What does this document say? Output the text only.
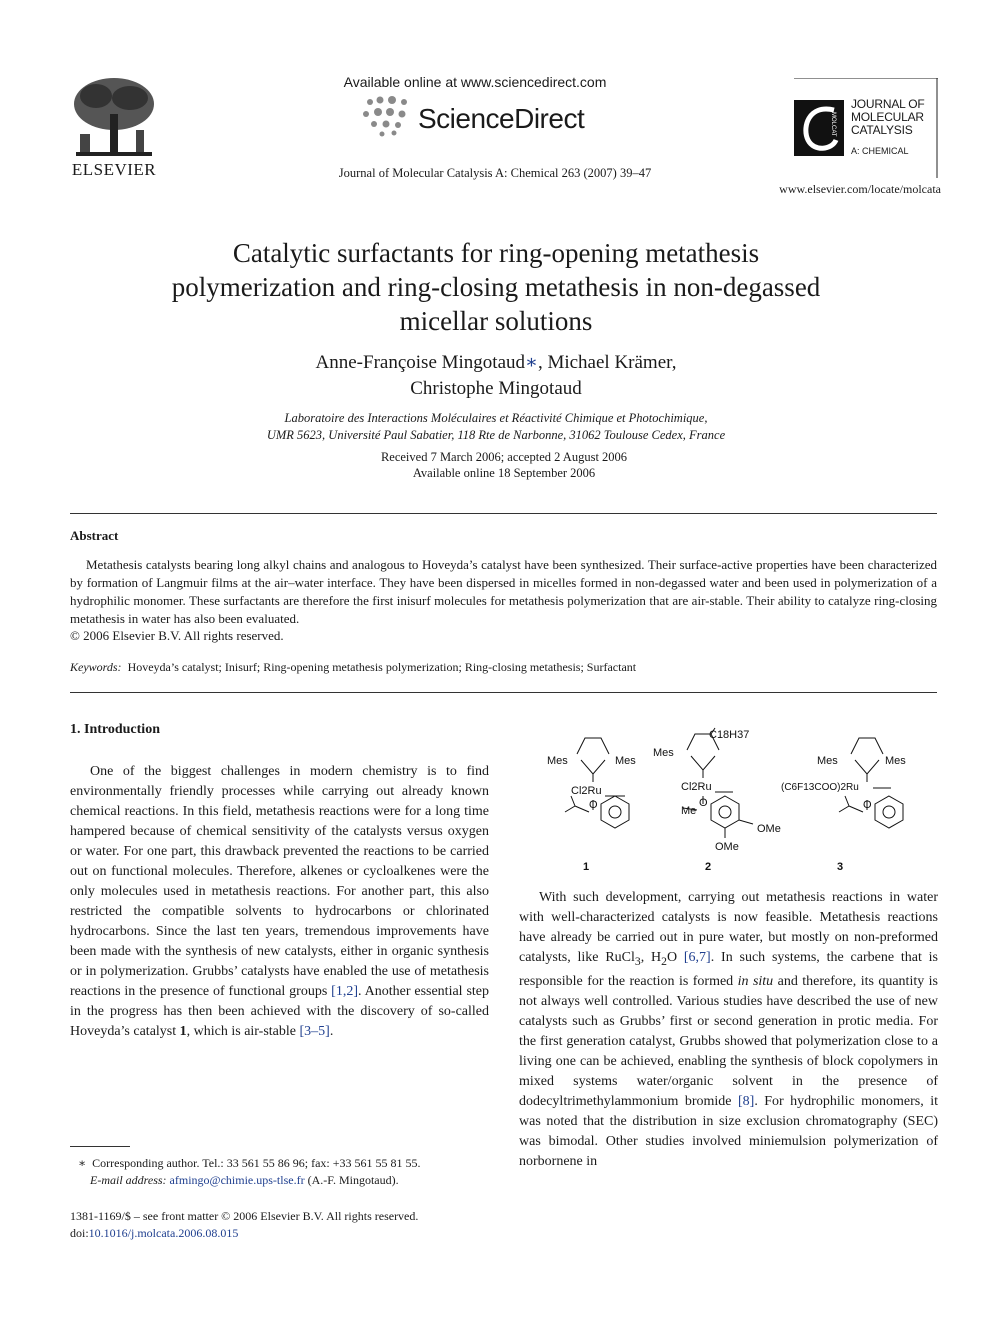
ELSEVIER
Available online at www.sciencedirect.com
ScienceDirect
Journal of Molecular Catalysis A: Chemical 263 (2007) 39–47
MOLCAT
JOURNAL OF
MOLECULAR
CATALYSIS
A: CHEMICAL
www.elsevier.com/locate/molcata
Catalytic surfactants for ring-opening metathesis polymerization and ring-closing metathesis in non-degassed micellar solutions
Anne-Françoise Mingotaud∗, Michael Krämer,
Christophe Mingotaud
Laboratoire des Interactions Moléculaires et Réactivité Chimique et Photochimique,
UMR 5623, Université Paul Sabatier, 118 Rte de Narbonne, 31062 Toulouse Cedex, France
Received 7 March 2006; accepted 2 August 2006
Available online 18 September 2006
Abstract
Metathesis catalysts bearing long alkyl chains and analogous to Hoveyda’s catalyst have been synthesized. Their surface-active properties have been characterized by formation of Langmuir films at the air–water interface. They have been dispersed in micelles formed in non-degassed water and been used in polymerization of a hydrophilic monomer. These surfactants are therefore the first inisurf molecules for metathesis polymerization that are air-stable. Their ability to catalyze ring-closing metathesis in water has also been evaluated.
© 2006 Elsevier B.V. All rights reserved.
Keywords: Hoveyda’s catalyst; Inisurf; Ring-opening metathesis polymerization; Ring-closing metathesis; Surfactant
1. Introduction
One of the biggest challenges in modern chemistry is to find environmentally friendly processes while carrying out already known chemical reactions. In this field, metathesis reactions were for a long time hampered because of chemical sensitivity of the catalysts versus oxygen or water. For one part, this drawback prevented the reactions to be carried out on functional molecules. Therefore, alkenes or cycloalkenes were the only molecules used in metathesis reactions. For another part, this also restricted the compatible solvents to hydrocarbons or chlorinated hydrocarbons. Since the last ten years, tremendous improvements have been made with the synthesis of new catalysts, either in organic synthesis or in polymerization. Grubbs’ catalysts have enabled the use of metathesis reactions in the presence of functional groups [1,2]. Another essential step in the progress has then been achieved with the discovery of so-called Hoveyda’s catalyst 1, which is air-stable [3–5].
Mes	Mes
Cl2Ru
O
1
C18H37
Mes
Cl2Ru
O
Me
OMe
OMe
2
Mes	Mes
(C6F13COO)2Ru
O
3
With such development, carrying out metathesis reactions in water with well-characterized catalysts is now feasible. Metathesis reactions have already be carried out in pure water, but mostly on non-preformed catalysts, like RuCl$_3$, $H_2O$ [6,7]. In such systems, the carbene that is responsible for the reaction is formed in situ and therefore, its quantity is not always well controlled. Various studies have described the use of new catalysts such as Grubbs’ first or second generation in protic media. For the first generation catalyst, Grubbs showed that polymerization close to a living one can be achieved, enabling the synthesis of block copolymers in mixed systems water/organic solvent in the presence of dodecyltrimethylammonium bromide [8]. For hydrophilic monomers, it was noted that the distribution in size exclusion chromatography (SEC) was bimodal. Other studies involved miniemulsion polymerization of norbornene in
∗ Corresponding author. Tel.: 33 561 55 86 96; fax: +33 561 55 81 55.
E-mail address: afmingo@chimie.ups-tlse.fr (A.-F. Mingotaud).
1381-1169/$ – see front matter © 2006 Elsevier B.V. All rights reserved.
doi:10.1016/j.molcata.2006.08.015
